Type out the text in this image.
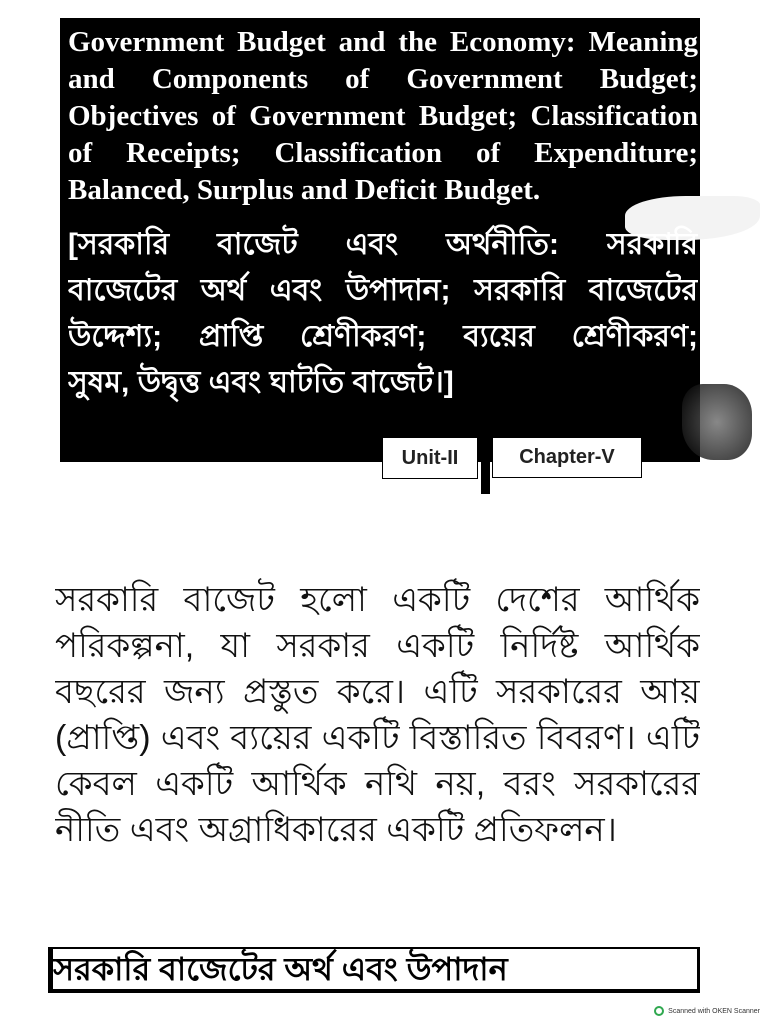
Government Budget and the Economy: Meaning
and Components of Government Budget;
Objectives of Government Budget; Classification
of Receipts; Classification of Expenditure;
Balanced, Surplus and Deficit Budget.
[সরকারি বাজেট এবং অর্থনীতি: সরকারি
বাজেটের অর্থ এবং উপাদান; সরকারি বাজেটের
উদ্দেশ্য; প্রাপ্তি শ্রেণীকরণ; ব্যয়ের শ্রেণীকরণ;
সুষম, উদ্বৃত্ত এবং ঘাটতি বাজেট।]
Unit-II	Chapter-V
সরকারি বাজেট হলো একটি দেশের আর্থিক
পরিকল্পনা, যা সরকার একটি নির্দিষ্ট আর্থিক
বছরের জন্য প্রস্তুত করে। এটি সরকারের আয়
(প্রাপ্তি) এবং ব্যয়ের একটি বিস্তারিত বিবরণ। এটি
কেবল একটি আর্থিক নথি নয়, বরং সরকারের
নীতি এবং অগ্রাধিকারের একটি প্রতিফলন।
সরকারি বাজেটের অর্থ এবং উপাদান
Scanned with OKEN Scanner
